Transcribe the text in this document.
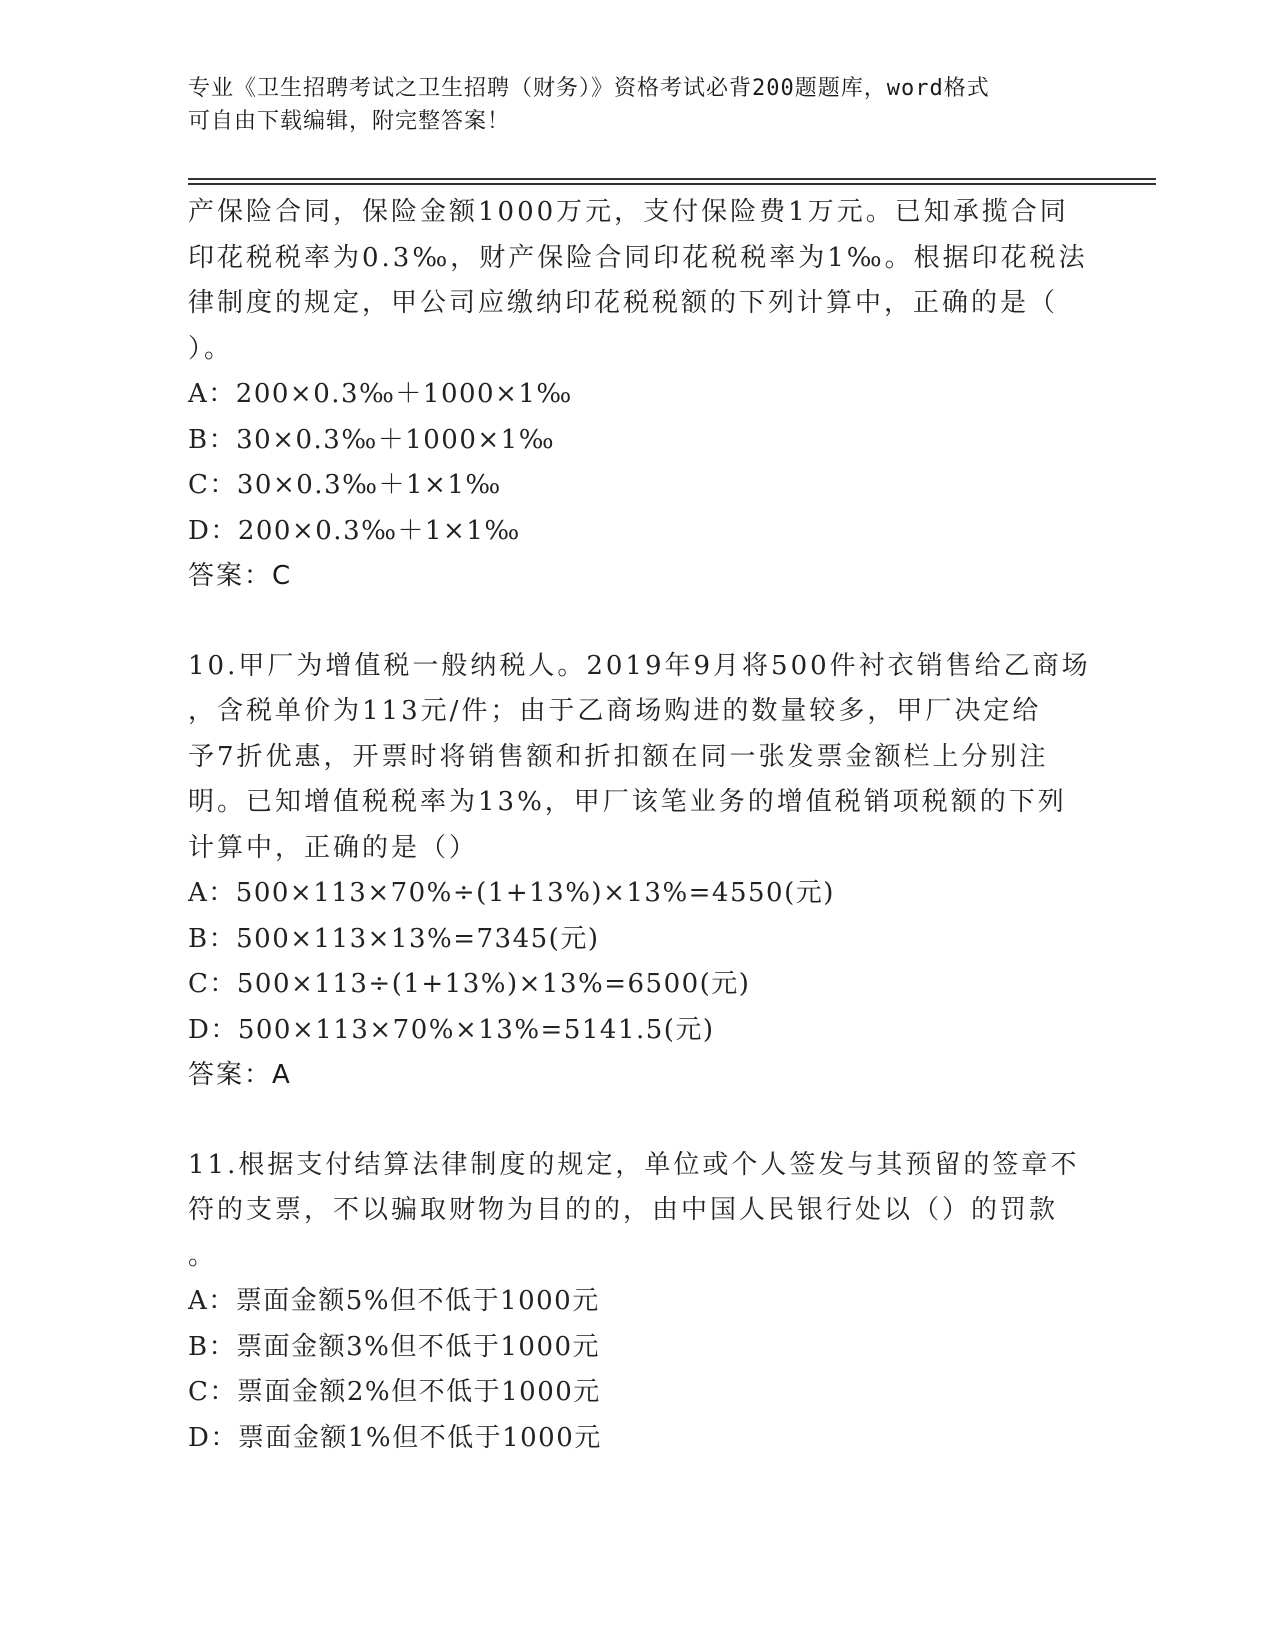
专业《卫生招聘考试之卫生招聘（财务）》资格考试必背200题题库，word格式
可自由下载编辑，附完整答案！
产保险合同，保险金额1000万元，支付保险费1万元。已知承揽合同
印花税税率为0.3‰，财产保险合同印花税税率为1‰。根据印花税法
律制度的规定，甲公司应缴纳印花税税额的下列计算中，正确的是（
）。
A：200×0.3‰＋1000×1‰
B：30×0.3‰＋1000×1‰
C：30×0.3‰＋1×1‰
D：200×0.3‰＋1×1‰
答案：C
10.甲厂为增值税一般纳税人。2019年9月将500件衬衣销售给乙商场
，含税单价为113元/件；由于乙商场购进的数量较多，甲厂决定给
予7折优惠，开票时将销售额和折扣额在同一张发票金额栏上分别注
明。已知增值税税率为13%，甲厂该笔业务的增值税销项税额的下列
计算中，正确的是（）
A：500×113×70%÷(1+13%)×13%=4550(元)
B：500×113×13%=7345(元)
C：500×113÷(1+13%)×13%=6500(元)
D：500×113×70%×13%=5141.5(元)
答案：A
11.根据支付结算法律制度的规定，单位或个人签发与其预留的签章不
符的支票，不以骗取财物为目的的，由中国人民银行处以（）的罚款
。
A：票面金额5%但不低于1000元
B：票面金额3%但不低于1000元
C：票面金额2%但不低于1000元
D：票面金额1%但不低于1000元
